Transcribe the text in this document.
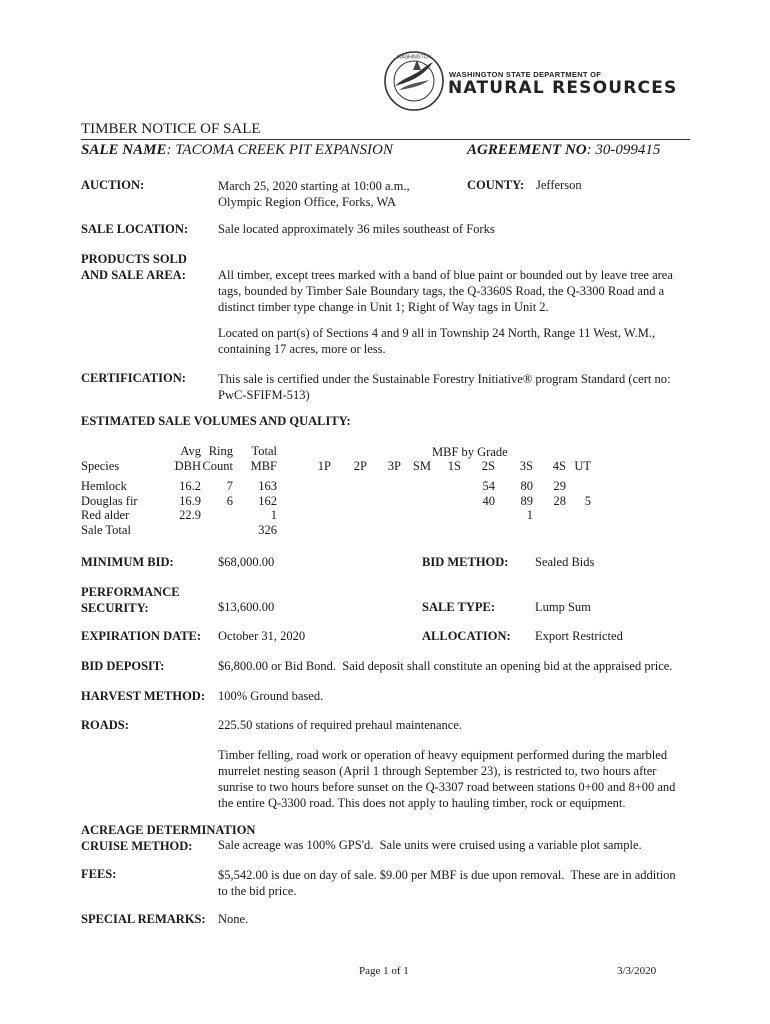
WASHINGTON
WASHINGTON STATE DEPARTMENT OF
NATURAL RESOURCES
TIMBER NOTICE OF SALE
SALE NAME: TACOMA CREEK PIT EXPANSION	AGREEMENT NO: 30-099415
AUCTION:	March 25, 2020 starting at 10:00 a.m.,
Olympic Region Office, Forks, WA
COUNTY: Jefferson
SALE LOCATION: Sale located approximately 36 miles southeast of Forks
PRODUCTS SOLD
AND SALE AREA:	All timber, except trees marked with a band of blue paint or bounded out by leave tree area
tags, bounded by Timber Sale Boundary tags, the Q-3360S Road, the Q-3300 Road and a
distinct timber type change in Unit 1; Right of Way tags in Unit 2.
Located on part(s) of Sections 4 and 9 all in Township 24 North, Range 11 West, W.M.,
containing 17 acres, more or less.
CERTIFICATION:	This sale is certified under the Sustainable Forestry Initiative® program Standard (cert no:
PwC-SFIFM-513)
ESTIMATED SALE VOLUMES AND QUALITY:
MBF by Grade
	Avg	Ring	Total									
Species	DBH	Count	MBF	1P	2P	3P	SM	1S	2S	3S	4S	UT

Hemlock	16.2	7	163						54	80	29	
Douglas fir	16.9	6	162						40	89	28	5
Red alder	22.9		1							1		
Sale Total			326									
MINIMUM BID:	$68,000.00	BID METHOD: Sealed Bids
PERFORMANCE
SECURITY:	$13,600.00	SALE TYPE:	Lump Sum
EXPIRATION DATE: October 31, 2020	ALLOCATION: Export Restricted
BID DEPOSIT:	$6,800.00 or Bid Bond.  Said deposit shall constitute an opening bid at the appraised price.
HARVEST METHOD: 100% Ground based.
ROADS:	225.50 stations of required prehaul maintenance.
Timber felling, road work or operation of heavy equipment performed during the marbled
murrelet nesting season (April 1 through September 23), is restricted to, two hours after
sunrise to two hours before sunset on the Q-3307 road between stations 0+00 and 8+00 and
the entire Q-3300 road. This does not apply to hauling timber, rock or equipment.
ACREAGE DETERMINATION
CRUISE METHOD:	Sale acreage was 100% GPS'd.  Sale units were cruised using a variable plot sample.
FEES:	$5,542.00 is due on day of sale. $9.00 per MBF is due upon removal.  These are in addition
to the bid price.
SPECIAL REMARKS: None.
Page 1 of 1	3/3/2020
